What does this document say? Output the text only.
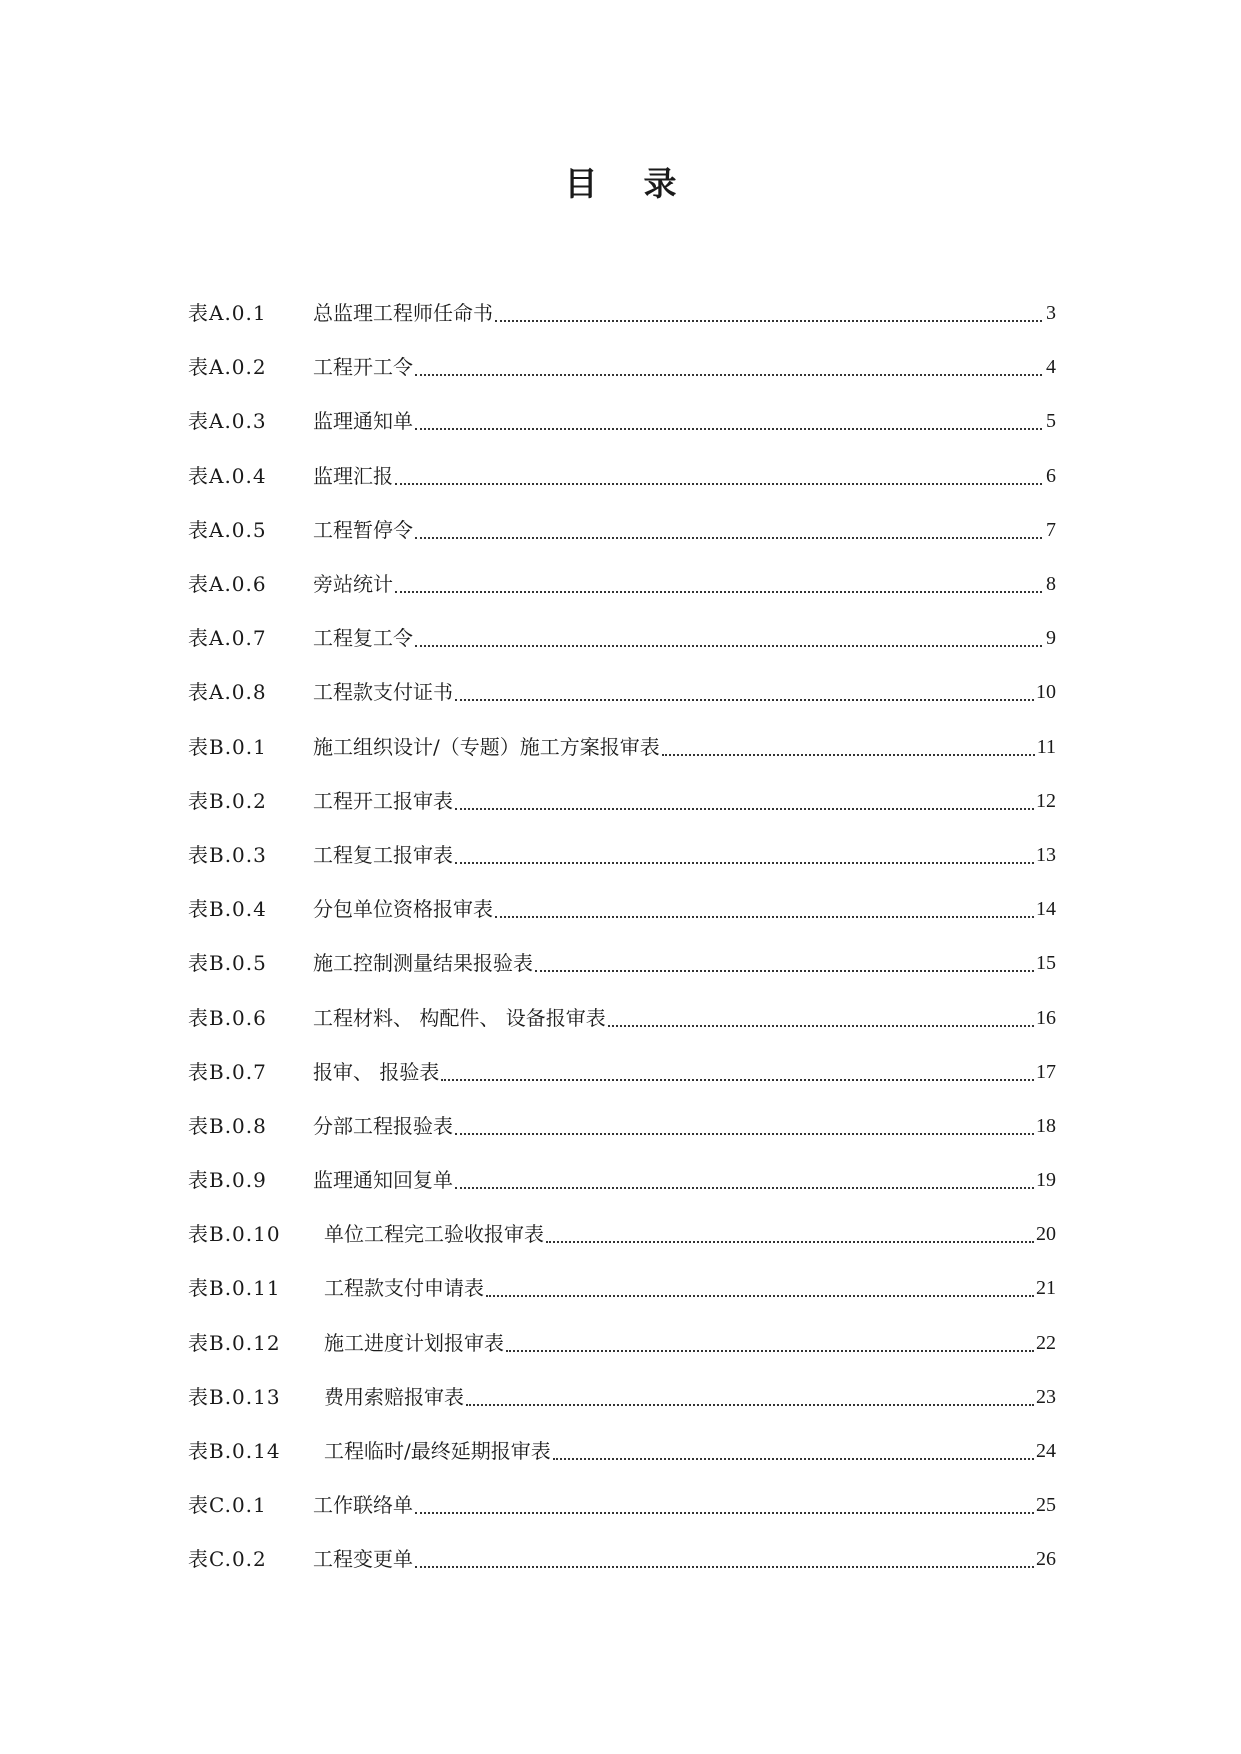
目    录
表A.0.1	总监理工程师任命书	3
表A.0.2	工程开工令	4
表A.0.3	监理通知单	5
表A.0.4	监理汇报	6
表A.0.5	工程暂停令	7
表A.0.6	旁站统计	8
表A.0.7	工程复工令	9
表A.0.8	工程款支付证书	10
表B.0.1	施工组织设计/（专题）施工方案报审表	11
表B.0.2	工程开工报审表	12
表B.0.3	工程复工报审表	13
表B.0.4	分包单位资格报审表	14
表B.0.5	施工控制测量结果报验表	15
表B.0.6	工程材料、 构配件、 设备报审表	16
表B.0.7	报审、 报验表	17
表B.0.8	分部工程报验表	18
表B.0.9	监理通知回复单	19
表B.0.10	单位工程完工验收报审表	20
表B.0.11	工程款支付申请表	21
表B.0.12	施工进度计划报审表	22
表B.0.13	费用索赔报审表	23
表B.0.14	工程临时/最终延期报审表	24
表C.0.1	工作联络单	25
表C.0.2	工程变更单	26
